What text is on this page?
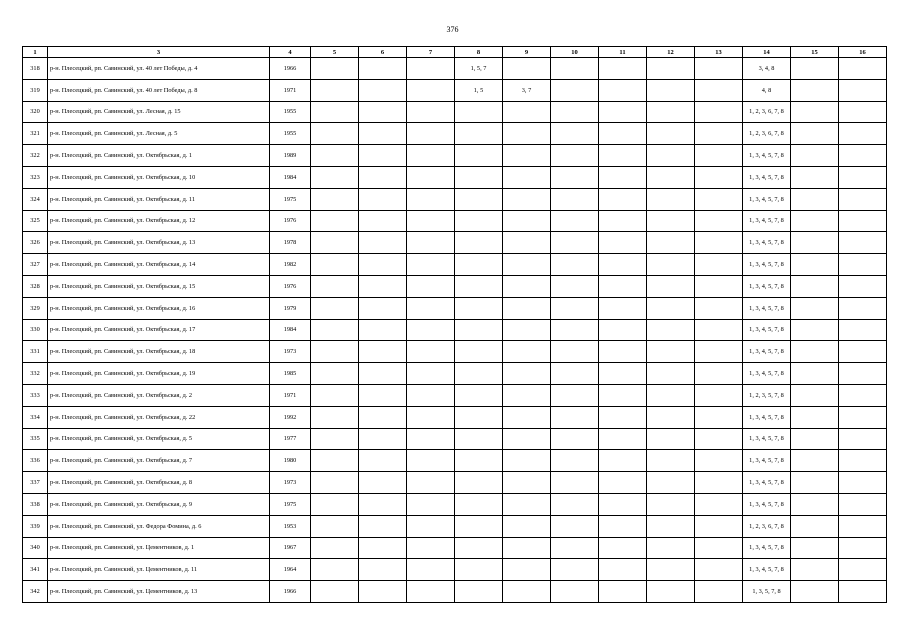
376
1	3	4	5	6	7	8	9	10	11	12	13	14	15	16
318	р-н. Плесецкий, рп. Савинский, ул. 40 лет Победы, д. 4	1966				1, 5, 7						3, 4, 8		
319	р-н. Плесецкий, рп. Савинский, ул. 40 лет Победы, д. 8	1971				1, 5	3, 7					4, 8		
320	р-н. Плесецкий, рп. Савинский, ул. Лесная, д. 15	1955										1, 2, 3, 6, 7, 8		
321	р-н. Плесецкий, рп. Савинский, ул. Лесная, д. 5	1955										1, 2, 3, 6, 7, 8		
322	р-н. Плесецкий, рп. Савинский, ул. Октябрьская, д. 1	1989										1, 3, 4, 5, 7, 8		
323	р-н. Плесецкий, рп. Савинский, ул. Октябрьская, д. 10	1984										1, 3, 4, 5, 7, 8		
324	р-н. Плесецкий, рп. Савинский, ул. Октябрьская, д. 11	1975										1, 3, 4, 5, 7, 8		
325	р-н. Плесецкий, рп. Савинский, ул. Октябрьская, д. 12	1976										1, 3, 4, 5, 7, 8		
326	р-н. Плесецкий, рп. Савинский, ул. Октябрьская, д. 13	1978										1, 3, 4, 5, 7, 8		
327	р-н. Плесецкий, рп. Савинский, ул. Октябрьская, д. 14	1982										1, 3, 4, 5, 7, 8		
328	р-н. Плесецкий, рп. Савинский, ул. Октябрьская, д. 15	1976										1, 3, 4, 5, 7, 8		
329	р-н. Плесецкий, рп. Савинский, ул. Октябрьская, д. 16	1979										1, 3, 4, 5, 7, 8		
330	р-н. Плесецкий, рп. Савинский, ул. Октябрьская, д. 17	1984										1, 3, 4, 5, 7, 8		
331	р-н. Плесецкий, рп. Савинский, ул. Октябрьская, д. 18	1973										1, 3, 4, 5, 7, 8		
332	р-н. Плесецкий, рп. Савинский, ул. Октябрьская, д. 19	1985										1, 3, 4, 5, 7, 8		
333	р-н. Плесецкий, рп. Савинский, ул. Октябрьская, д. 2	1971										1, 2, 3, 5, 7, 8		
334	р-н. Плесецкий, рп. Савинский, ул. Октябрьская, д. 22	1992										1, 3, 4, 5, 7, 8		
335	р-н. Плесецкий, рп. Савинский, ул. Октябрьская, д. 5	1977										1, 3, 4, 5, 7, 8		
336	р-н. Плесецкий, рп. Савинский, ул. Октябрьская, д. 7	1980										1, 3, 4, 5, 7, 8		
337	р-н. Плесецкий, рп. Савинский, ул. Октябрьская, д. 8	1973										1, 3, 4, 5, 7, 8		
338	р-н. Плесецкий, рп. Савинский, ул. Октябрьская, д. 9	1975										1, 3, 4, 5, 7, 8		
339	р-н. Плесецкий, рп. Савинский, ул. Федора Фомина, д. 6	1953										1, 2, 3, 6, 7, 8		
340	р-н. Плесецкий, рп. Савинский, ул. Цементников, д. 1	1967										1, 3, 4, 5, 7, 8		
341	р-н. Плесецкий, рп. Савинский, ул. Цементников, д. 11	1964										1, 3, 4, 5, 7, 8		
342	р-н. Плесецкий, рп. Савинский, ул. Цементников, д. 13	1966										1, 3, 5, 7, 8		
